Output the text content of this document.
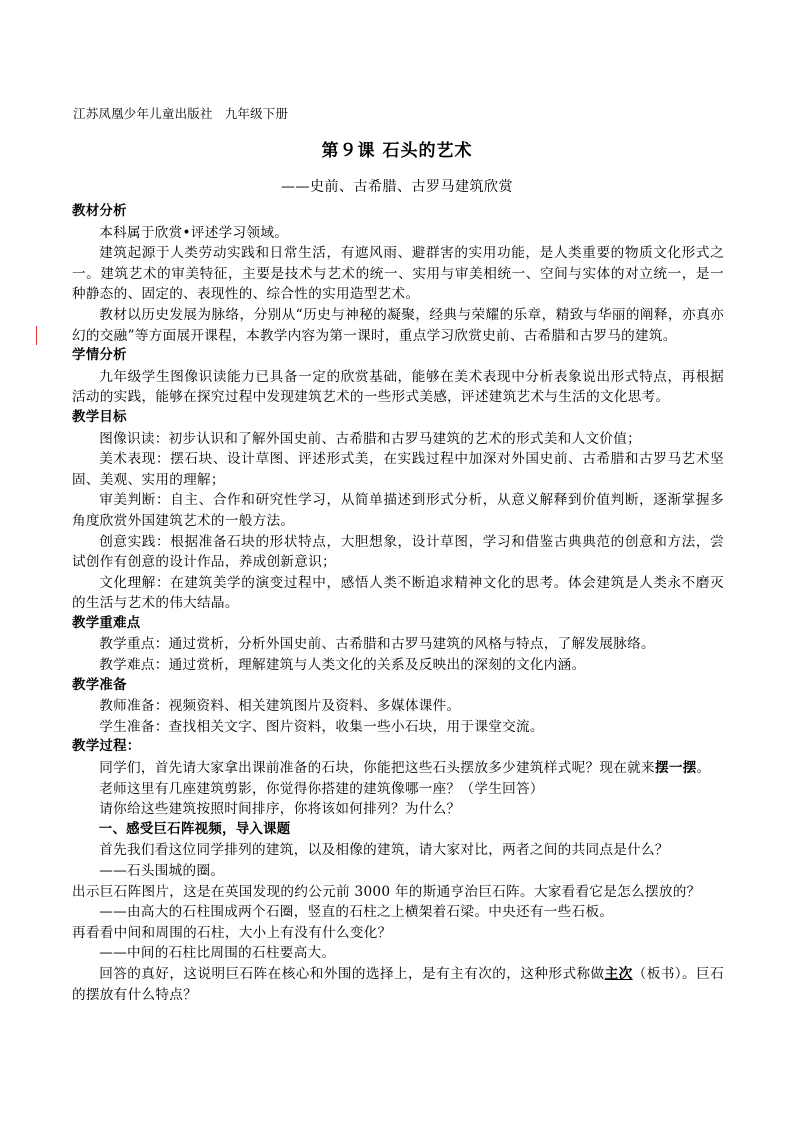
江苏凤凰少年儿童出版社 九年级下册
第９课 石头的艺术
——史前、古希腊、古罗马建筑欣赏

教材分析

本科属于欣赏•评述学习领域。

建筑起源于人类劳动实践和日常生活，有遮风雨、避群害的实用功能，是人类重要的物质文化形式之一。建筑艺术的审美特征，主要是技术与艺术的统一、实用与审美相统一、空间与实体的对立统一，是一种静态的、固定的、表现性的、综合性的实用造型艺术。

教材以历史发展为脉络，分别从“历史与神秘的凝聚，经典与荣耀的乐章，精致与华丽的阐释，亦真亦幻的交融”等方面展开课程，本教学内容为第一课时，重点学习欣赏史前、古希腊和古罗马的建筑。

学情分析

九年级学生图像识读能力已具备一定的欣赏基础，能够在美术表现中分析表象说出形式特点，再根据活动的实践，能够在探究过程中发现建筑艺术的一些形式美感，评述建筑艺术与生活的文化思考。

教学目标

图像识读：初步认识和了解外国史前、古希腊和古罗马建筑的艺术的形式美和人文价值；

美术表现：摆石块、设计草图、评述形式美，在实践过程中加深对外国史前、古希腊和古罗马艺术坚固、美观、实用的理解；

审美判断：自主、合作和研究性学习，从简单描述到形式分析，从意义解释到价值判断，逐渐掌握多角度欣赏外国建筑艺术的一般方法。

创意实践：根据准备石块的形状特点，大胆想象，设计草图，学习和借鉴古典典范的创意和方法，尝试创作有创意的设计作品，养成创新意识；

文化理解：在建筑美学的演变过程中，感悟人类不断追求精神文化的思考。体会建筑是人类永不磨灭的生活与艺术的伟大结晶。

教学重难点

教学重点：通过赏析，分析外国史前、古希腊和古罗马建筑的风格与特点，了解发展脉络。

教学难点：通过赏析，理解建筑与人类文化的关系及反映出的深刻的文化内涵。

教学准备

教师准备：视频资料、相关建筑图片及资料、多媒体课件。

学生准备：查找相关文字、图片资料，收集一些小石块，用于课堂交流。

教学过程：

同学们，首先请大家拿出课前准备的石块，你能把这些石头摆放多少建筑样式呢？现在就来摆一摆。

老师这里有几座建筑剪影，你觉得你搭建的建筑像哪一座？（学生回答）

请你给这些建筑按照时间排序，你将该如何排列？为什么？

一、感受巨石阵视频，导入课题

首先我们看这位同学排列的建筑，以及相像的建筑，请大家对比，两者之间的共同点是什么？

——石头围城的圈。

出示巨石阵图片，这是在英国发现的约公元前 3000 年的斯通亨治巨石阵。大家看看它是怎么摆放的？

——由高大的石柱围成两个石圈，竖直的石柱之上横架着石梁。中央还有一些石板。

再看看中间和周围的石柱，大小上有没有什么变化？

——中间的石柱比周围的石柱要高大。

回答的真好，这说明巨石阵在核心和外围的选择上，是有主有次的，这种形式称做主次（板书）。巨石的摆放有什么特点？
